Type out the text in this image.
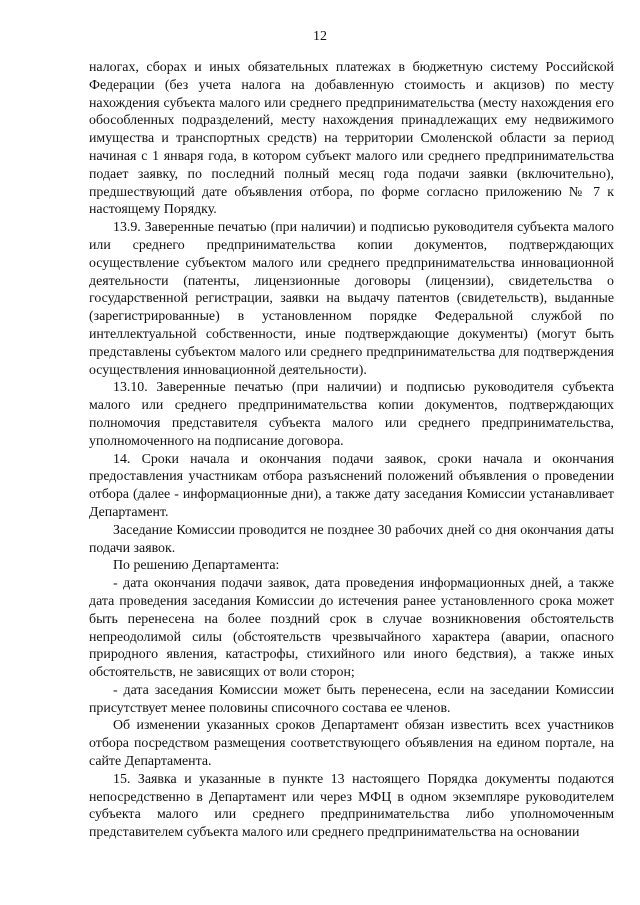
12

налогах, сборах и иных обязательных платежах в бюджетную систему Российской Федерации (без учета налога на добавленную стоимость и акцизов) по месту нахождения субъекта малого или среднего предпринимательства (месту нахождения его обособленных подразделений, месту нахождения принадлежащих ему недвижимого имущества и транспортных средств) на территории Смоленской области за период начиная с 1 января года, в котором субъект малого или среднего предпринимательства подает заявку, по последний полный месяц года подачи заявки (включительно), предшествующий дате объявления отбора, по форме согласно приложению № 7 к настоящему Порядку.

13.9. Заверенные печатью (при наличии) и подписью руководителя субъекта малого или среднего предпринимательства копии документов, подтверждающих осуществление субъектом малого или среднего предпринимательства инновационной деятельности (патенты, лицензионные договоры (лицензии), свидетельства о государственной регистрации, заявки на выдачу патентов (свидетельств), выданные (зарегистрированные) в установленном порядке Федеральной службой по интеллектуальной собственности, иные подтверждающие документы) (могут быть представлены субъектом малого или среднего предпринимательства для подтверждения осуществления инновационной деятельности).

13.10. Заверенные печатью (при наличии) и подписью руководителя субъекта малого или среднего предпринимательства копии документов, подтверждающих полномочия представителя субъекта малого или среднего предпринимательства, уполномоченного на подписание договора.

14. Сроки начала и окончания подачи заявок, сроки начала и окончания предоставления участникам отбора разъяснений положений объявления о проведении отбора (далее - информационные дни), а также дату заседания Комиссии устанавливает Департамент.

Заседание Комиссии проводится не позднее 30 рабочих дней со дня окончания даты подачи заявок.

По решению Департамента:

- дата окончания подачи заявок, дата проведения информационных дней, а также дата проведения заседания Комиссии до истечения ранее установленного срока может быть перенесена на более поздний срок в случае возникновения обстоятельств непреодолимой силы (обстоятельств чрезвычайного характера (аварии, опасного природного явления, катастрофы, стихийного или иного бедствия), а также иных обстоятельств, не зависящих от воли сторон;

- дата заседания Комиссии может быть перенесена, если на заседании Комиссии присутствует менее половины списочного состава ее членов.

Об изменении указанных сроков Департамент обязан известить всех участников отбора посредством размещения соответствующего объявления на едином портале, на сайте Департамента.

15. Заявка и указанные в пункте 13 настоящего Порядка документы подаются непосредственно в Департамент или через МФЦ в одном экземпляре руководителем субъекта малого или среднего предпринимательства либо уполномоченным представителем субъекта малого или среднего предпринимательства на основании
